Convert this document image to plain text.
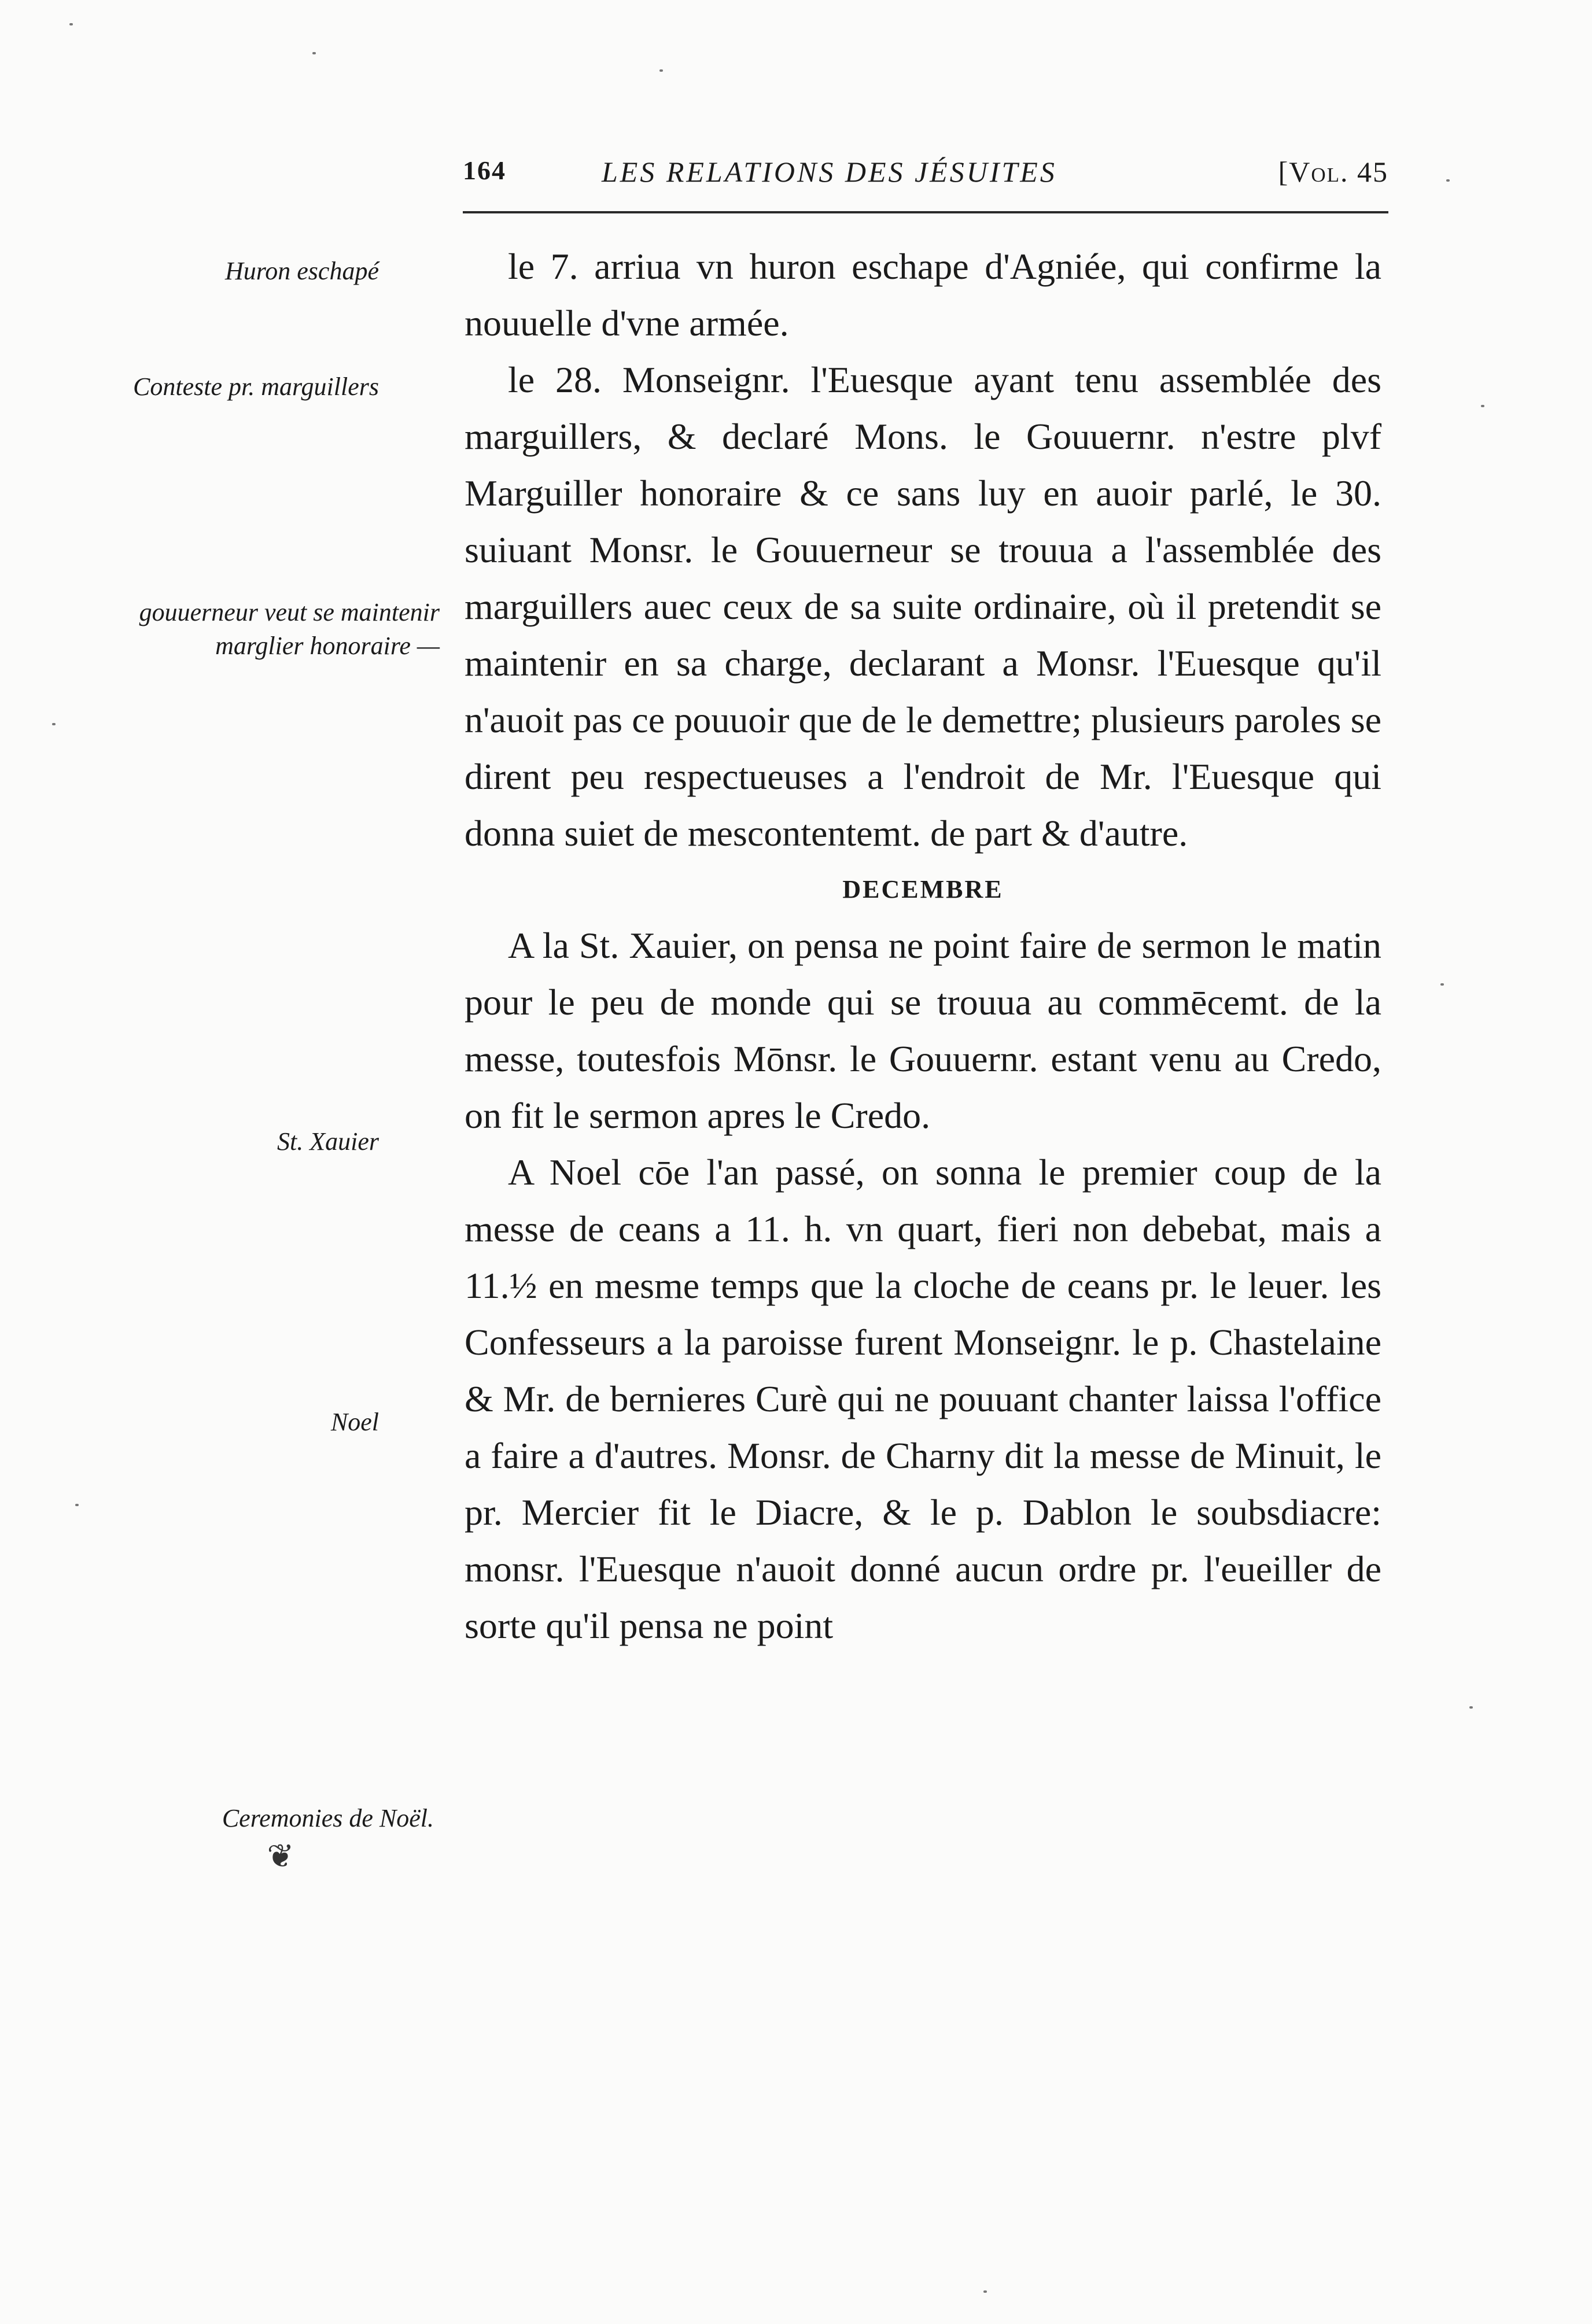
164	LES RELATIONS DES JÉSUITES	[Vol. 45
Huron eschapé
Conteste pr. marguillers
gouuerneur veut se maintenir marglier honoraire —
St. Xauier
Noel
Ceremonies de Noël.
❦

le 7. arriua vn huron eschape d'Agniée, qui confirme la nouuelle d'vne armée.

le 28. Monseignr. l'Euesque ayant tenu assemblée des marguillers, & declaré Mons. le Gouuernr. n'estre plvf Marguiller honoraire & ce sans luy en auoir parlé, le 30. suiuant Monsr. le Gouuerneur se trouua a l'assemblée des marguillers auec ceux de sa suite ordinaire, où il pretendit se maintenir en sa charge, declarant a Monsr. l'Euesque qu'il n'auoit pas ce pouuoir que de le demettre; plusieurs paroles se dirent peu respectueuses a l'endroit de Mr. l'Euesque qui donna suiet de mescontentemt. de part & d'autre.

DECEMBRE

A la St. Xauier, on pensa ne point faire de sermon le matin pour le peu de monde qui se trouua au commēcemt. de la messe, toutesfois Mōnsr. le Gouuernr. estant venu au Credo, on fit le sermon apres le Credo.

A Noel cōe l'an passé, on sonna le premier coup de la messe de ceans a 11. h. vn quart, fieri non debebat, mais a 11.½ en mesme temps que la cloche de ceans pr. le leuer. les Confesseurs a la paroisse furent Monseignr. le p. Chastelaine & Mr. de bernieres Curè qui ne pouuant chanter laissa l'office a faire a d'autres. Monsr. de Charny dit la messe de Minuit, le pr. Mercier fit le Diacre, & le p. Dablon le soubsdiacre: monsr. l'Euesque n'auoit donné aucun ordre pr. l'eueiller de sorte qu'il pensa ne point
